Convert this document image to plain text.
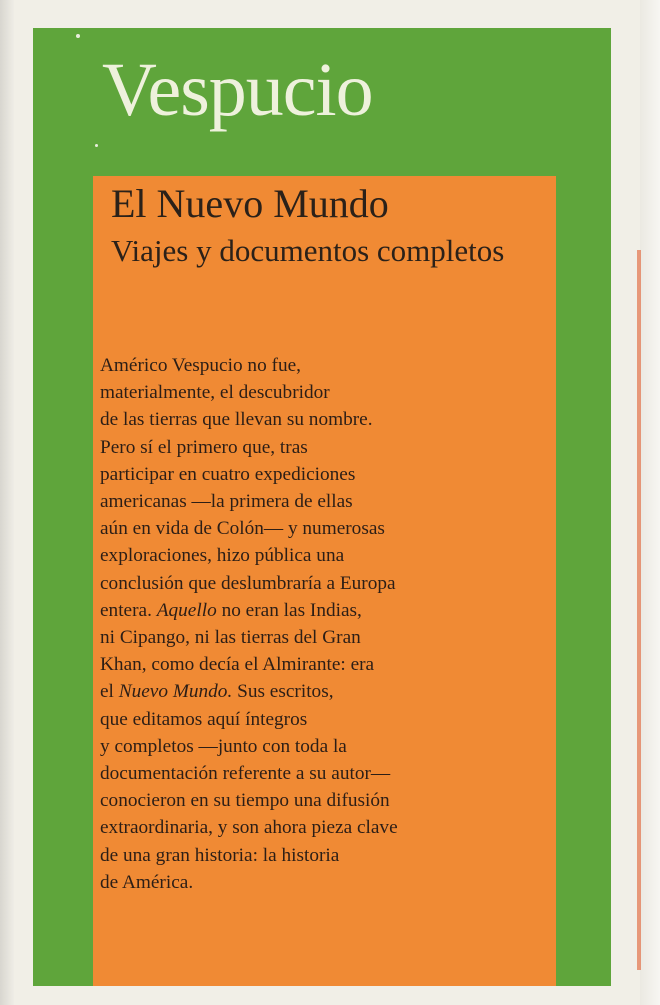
Vespucio
El Nuevo Mundo
Viajes y documentos completos
Américo Vespucio no fue,
materialmente, el descubridor
de las tierras que llevan su nombre.
Pero sí el primero que, tras
participar en cuatro expediciones
americanas —la primera de ellas
aún en vida de Colón— y numerosas
exploraciones, hizo pública una
conclusión que deslumbraría a Europa
entera. Aquello no eran las Indias,
ni Cipango, ni las tierras del Gran
Khan, como decía el Almirante: era
el Nuevo Mundo. Sus escritos,
que editamos aquí íntegros
y completos —junto con toda la
documentación referente a su autor—
conocieron en su tiempo una difusión
extraordinaria, y son ahora pieza clave
de una gran historia: la historia
de América.
